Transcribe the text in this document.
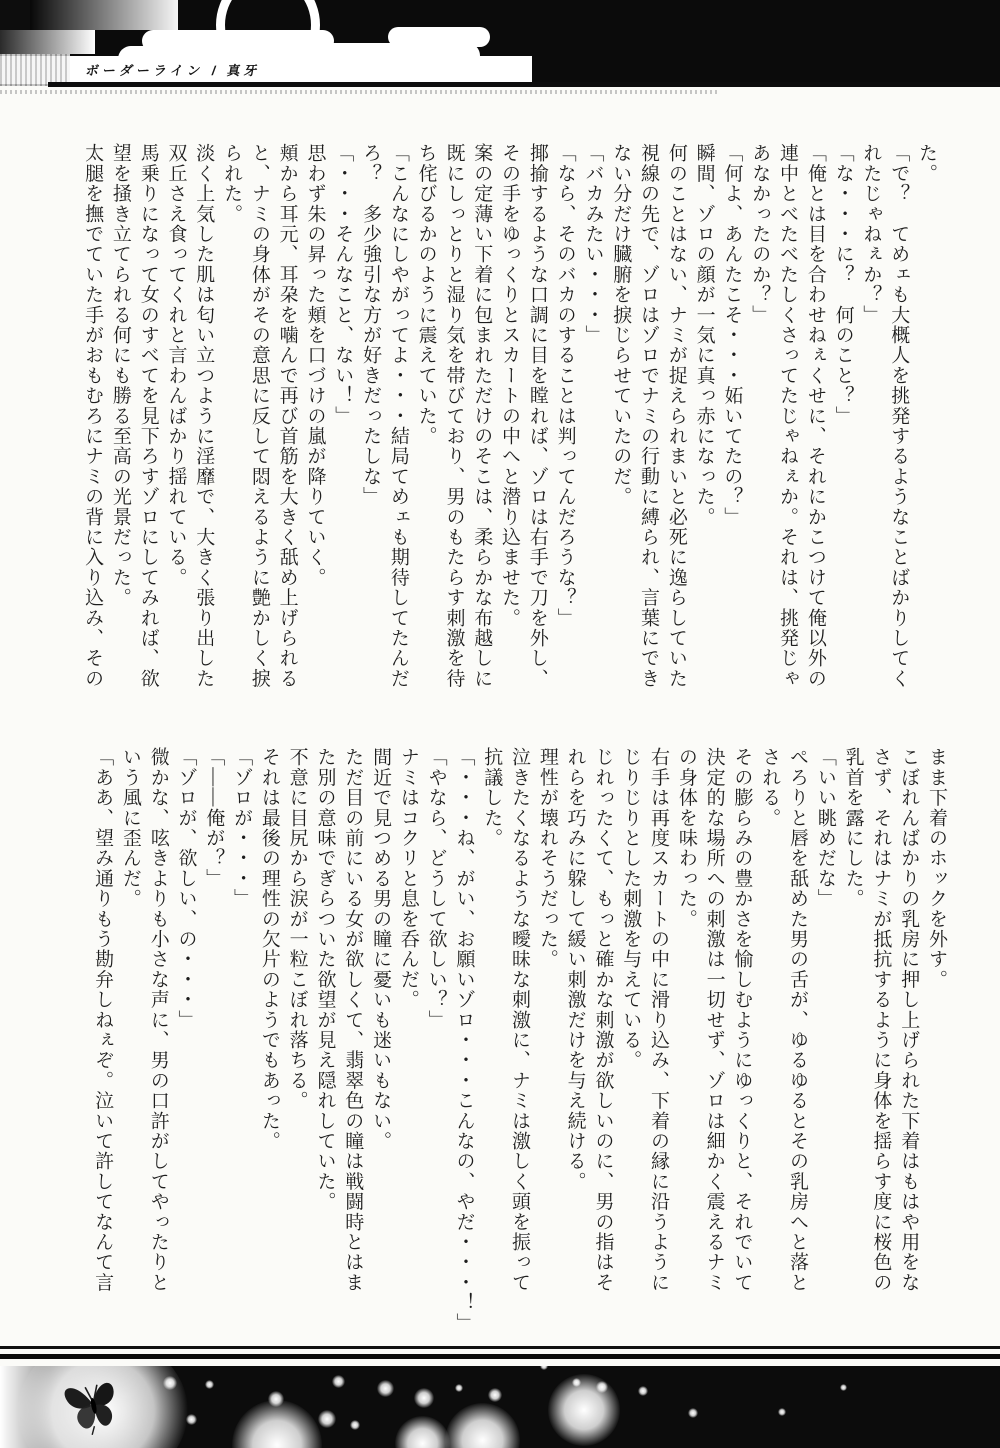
ボーダーライン / 真牙
た。
「で？　てめェも大概人を挑発するようなことばかりしてく
れたじゃねぇか？」
「な・・・に？　何のこと？」
「俺とは目を合わせねぇくせに、それにかこつけて俺以外の
連中とべたべたしくさってたじゃねぇか。それは、挑発じゃ
あなかったのか？」
「何よ、あんたこそ・・・妬いてたの？」
瞬間、ゾロの顔が一気に真っ赤になった。
何のことはない、ナミが捉えられまいと必死に逸らしていた
視線の先で、ゾロはゾロでナミの行動に縛られ、言葉にでき
ない分だけ臓腑を捩じらせていたのだ。
「バカみたい・・・」
「なら、そのバカのすることは判ってんだろうな？」
揶揄するような口調に目を瞠れば、ゾロは右手で刀を外し、
その手をゆっくりとスカートの中へと潜り込ませた。
案の定薄い下着に包まれただけのそこは、柔らかな布越しに
既にしっとりと湿り気を帯びており、男のもたらす刺激を待
ち侘びるかのように震えていた。
「こんなにしやがってよ・・・結局てめェも期待してたんだ
ろ？　多少強引な方が好きだったしな」
「・・・そんなこと、ない！」
思わず朱の昇った頬を口づけの嵐が降りていく。
頬から耳元、耳朶を噛んで再び首筋を大きく舐め上げられる
と、ナミの身体がその意思に反して悶えるように艶かしく捩
られた。
淡く上気した肌は匂い立つように淫靡で、大きく張り出した
双丘さえ食ってくれと言わんばかり揺れている。
馬乗りになって女のすべてを見下ろすゾロにしてみれば、欲
望を掻き立てられる何にも勝る至高の光景だった。
太腿を撫でていた手がおもむろにナミの背に入り込み、その
まま下着のホックを外す。
こぼれんばかりの乳房に押し上げられた下着はもはや用をな
さず、それはナミが抵抗するように身体を揺らす度に桜色の
乳首を露にした。
「いい眺めだな」
ぺろりと唇を舐めた男の舌が、ゆるゆるとその乳房へと落と
される。
その膨らみの豊かさを愉しむようにゆっくりと、それでいて
決定的な場所への刺激は一切せず、ゾロは細かく震えるナミ
の身体を味わった。
右手は再度スカートの中に滑り込み、下着の縁に沿うように
じりじりとした刺激を与えている。
じれったくて、もっと確かな刺激が欲しいのに、男の指はそ
れらを巧みに躱して緩い刺激だけを与え続ける。
理性が壊れそうだった。
泣きたくなるような曖昧な刺激に、ナミは激しく頭を振って
抗議した。
「・・・ね、がい、お願いゾロ・・・こんなの、やだ・・・！」
「やなら、どうして欲しい？」
ナミはコクリと息を呑んだ。
間近で見つめる男の瞳に憂いも迷いもない。
ただ目の前にいる女が欲しくて、翡翠色の瞳は戦闘時とはま
た別の意味でぎらついた欲望が見え隠れしていた。
不意に目尻から涙が一粒こぼれ落ちる。
それは最後の理性の欠片のようでもあった。
「ゾロが・・・」
「――俺が？」
「ゾロが、欲しい、の・・・」
微かな、呟きよりも小さな声に、男の口許がしてやったりと
いう風に歪んだ。
「ああ、望み通りもう勘弁しねぇぞ。泣いて許してなんて言
